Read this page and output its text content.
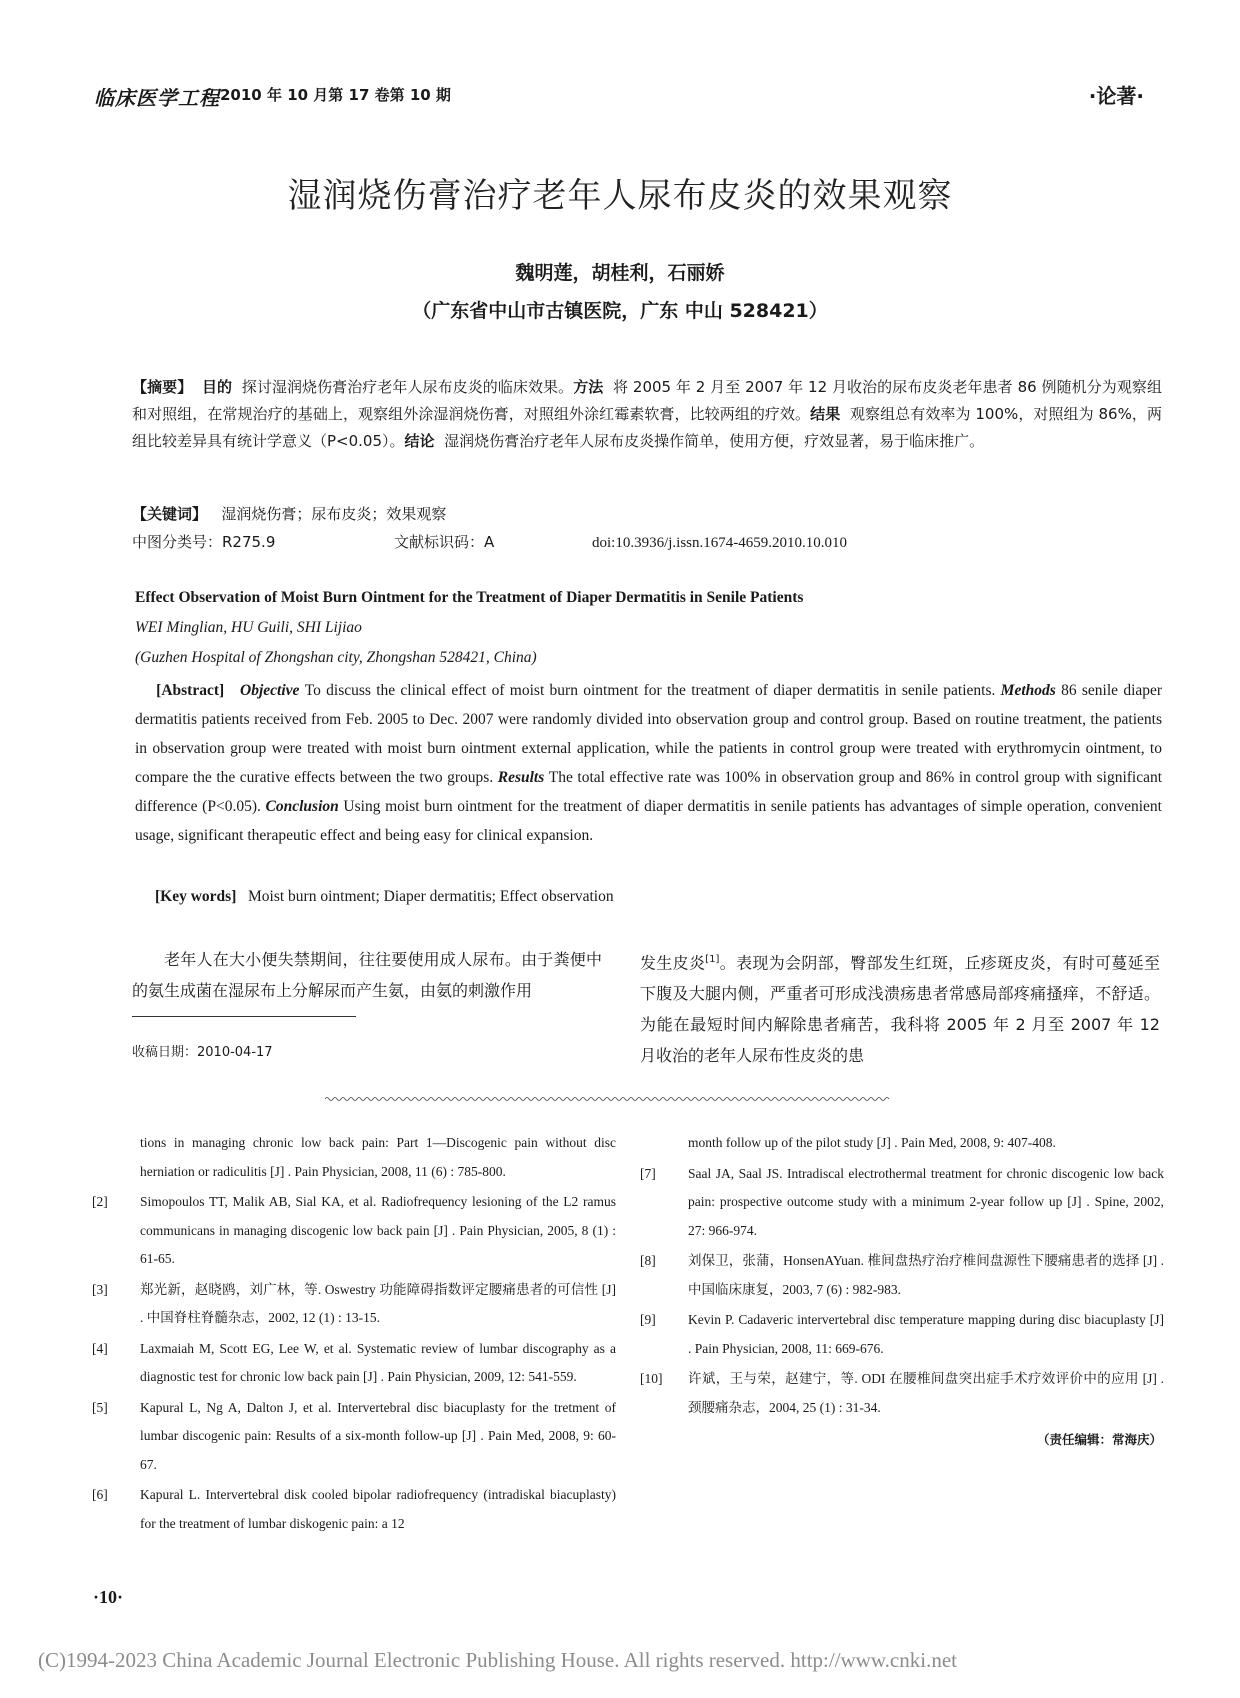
临床医学工程 2010 年 10 月第 17 卷第 10 期	·论著·
湿润烧伤膏治疗老年人尿布皮炎的效果观察
魏明莲，胡桂利，石丽娇
（广东省中山市古镇医院，广东 中山 528421）
【摘要】 目的 探讨湿润烧伤膏治疗老年人尿布皮炎的临床效果。方法 将 2005 年 2 月至 2007 年 12 月收治的尿布皮炎老年患者 86 例随机分为观察组和对照组，在常规治疗的基础上，观察组外涂湿润烧伤膏，对照组外涂红霉素软膏，比较两组的疗效。结果 观察组总有效率为 100%，对照组为 86%，两组比较差异具有统计学意义（P<0.05）。结论 湿润烧伤膏治疗老年人尿布皮炎操作简单，使用方便，疗效显著，易于临床推广。
【关键词】 湿润烧伤膏；尿布皮炎；效果观察
中图分类号：R275.9	文献标识码：A	doi:10.3936/j.issn.1674-4659.2010.10.010
Effect Observation of Moist Burn Ointment for the Treatment of Diaper Dermatitis in Senile Patients
WEI Minglian, HU Guili, SHI Lijiao
(Guzhen Hospital of Zhongshan city, Zhongshan 528421, China)
[Abstract] Objective To discuss the clinical effect of moist burn ointment for the treatment of diaper dermatitis in senile patients. Methods 86 senile diaper dermatitis patients received from Feb. 2005 to Dec. 2007 were randomly divided into observation group and control group. Based on routine treatment, the patients in observation group were treated with moist burn ointment external application, while the patients in control group were treated with erythromycin ointment, to compare the the curative effects between the two groups. Results The total effective rate was 100% in observation group and 86% in control group with significant difference (P<0.05). Conclusion Using moist burn ointment for the treatment of diaper dermatitis in senile patients has advantages of simple operation, convenient usage, significant therapeutic effect and being easy for clinical expansion.
[Key words] Moist burn ointment; Diaper dermatitis; Effect observation
老年人在大小便失禁期间，往往要使用成人尿布。由于粪便中的氨生成菌在湿尿布上分解尿而产生氨，由氨的刺激作用
发生皮炎[1]。表现为会阴部，臀部发生红斑，丘疹斑皮炎，有时可蔓延至下腹及大腿内侧，严重者可形成浅溃疡患者常感局部疼痛搔痒，不舒适。为能在最短时间内解除患者痛苦，我科将 2005 年 2 月至 2007 年 12 月收治的老年人尿布性皮炎的患
收稿日期：2010-04-17
tions in managing chronic low back pain: Part 1—Discogenic pain without disc herniation or radiculitis [J] . Pain Physician, 2008, 11 (6) : 785-800.
[2]	Simopoulos TT, Malik AB, Sial KA, et al. Radiofrequency lesioning of the L2 ramus communicans in managing discogenic low back pain [J] . Pain Physician, 2005, 8 (1) : 61-65.
[3]	郑光新，赵晓鸥，刘广林，等. Oswestry 功能障碍指数评定腰痛患者的可信性 [J] . 中国脊柱脊髓杂志，2002, 12 (1) : 13-15.
[4]	Laxmaiah M, Scott EG, Lee W, et al. Systematic review of lumbar discography as a diagnostic test for chronic low back pain [J] . Pain Physician, 2009, 12: 541-559.
[5]	Kapural L, Ng A, Dalton J, et al. Intervertebral disc biacuplasty for the tretment of lumbar discogenic pain: Results of a six-month follow-up [J] . Pain Med, 2008, 9: 60-67.
[6]	Kapural L. Intervertebral disk cooled bipolar radiofrequency (intradiskal biacuplasty) for the treatment of lumbar diskogenic pain: a 12
month follow up of the pilot study [J] . Pain Med, 2008, 9: 407-408.
[7]	Saal JA, Saal JS. Intradiscal electrothermal treatment for chronic discogenic low back pain: prospective outcome study with a minimum 2-year follow up [J] . Spine, 2002, 27: 966-974.
[8]	刘保卫，张蒲，HonsenAYuan. 椎间盘热疗治疗椎间盘源性下腰痛患者的选择 [J] . 中国临床康复，2003, 7 (6) : 982-983.
[9]	Kevin P. Cadaveric intervertebral disc temperature mapping during disc biacuplasty [J] . Pain Physician, 2008, 11: 669-676.
[10]	许斌，王与荣，赵建宁，等. ODI 在腰椎间盘突出症手术疗效评价中的应用 [J] . 颈腰痛杂志，2004, 25 (1) : 31-34.
（责任编辑：常海庆）
·10·
(C)1994-2023 China Academic Journal Electronic Publishing House. All rights reserved. http://www.cnki.net
